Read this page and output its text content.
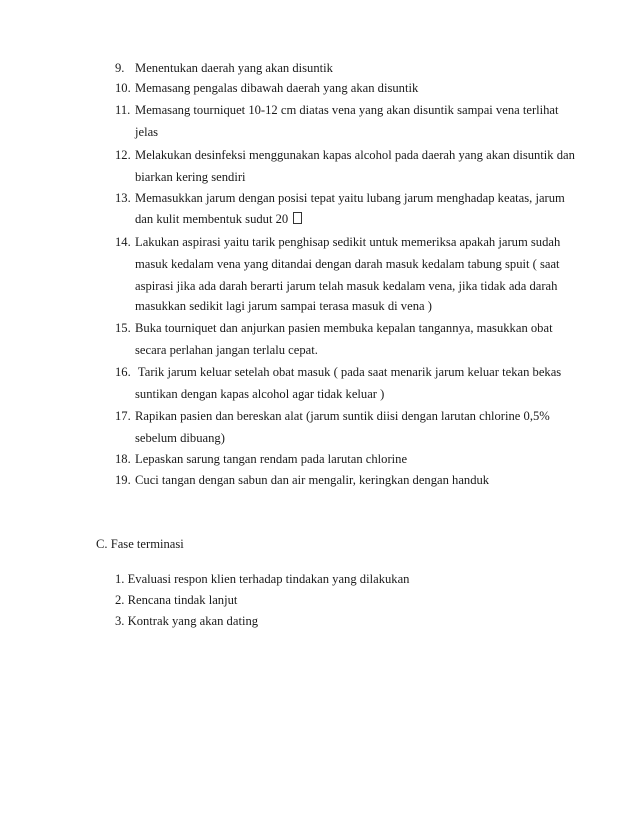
9. Menentukan daerah yang akan disuntik
10. Memasang pengalas dibawah daerah yang akan disuntik
11. Memasang tourniquet 10-12 cm diatas vena yang akan disuntik sampai vena terlihat
jelas
12. Melakukan desinfeksi menggunakan kapas alcohol pada daerah yang akan disuntik dan
biarkan kering sendiri
13. Memasukkan jarum dengan posisi tepat yaitu lubang jarum menghadap keatas, jarum
dan kulit membentuk sudut 20
14. Lakukan aspirasi yaitu tarik penghisap sedikit untuk memeriksa apakah jarum sudah
masuk kedalam vena yang ditandai dengan darah masuk kedalam tabung spuit ( saat
aspirasi jika ada darah berarti jarum telah masuk kedalam vena, jika tidak ada darah
masukkan sedikit lagi jarum sampai terasa masuk di vena )
15. Buka tourniquet dan anjurkan pasien membuka kepalan tangannya, masukkan obat
secara perlahan jangan terlalu cepat.
16. Tarik jarum keluar setelah obat masuk ( pada saat menarik jarum keluar tekan bekas
suntikan dengan kapas alcohol agar tidak keluar )
17. Rapikan pasien dan bereskan alat (jarum suntik diisi dengan larutan chlorine 0,5%
sebelum dibuang)
18. Lepaskan sarung tangan rendam pada larutan chlorine
19. Cuci tangan dengan sabun dan air mengalir, keringkan dengan handuk
C. Fase terminasi
1. Evaluasi respon klien terhadap tindakan yang dilakukan
2. Rencana tindak lanjut
3. Kontrak yang akan dating
